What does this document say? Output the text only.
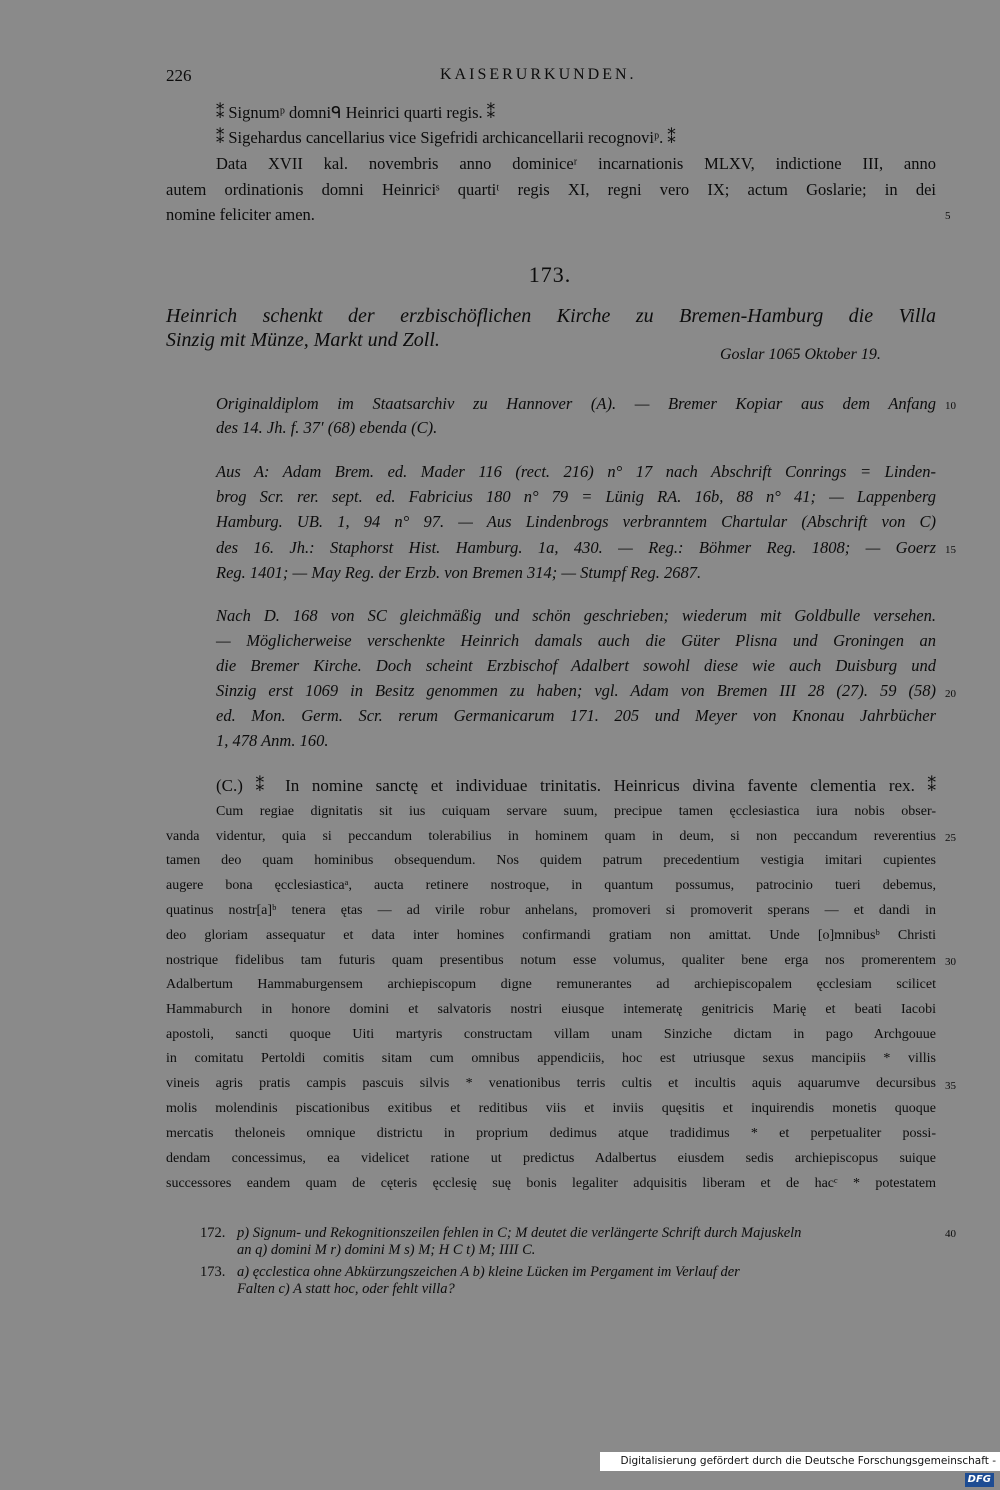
226	KAISERURKUNDEN.
⁑ Signumᵖ domniᑫ Heinrici quarti regis. ⁑
⁑ Sigehardus cancellarius vice Sigefridi archicancellarii recognoviᵖ. ⁑
Data XVII kal. novembris anno dominiceʳ incarnationis MLXV, indictione III, anno
autem ordinationis domni Heinriciˢ quartiᵗ regis XI, regni vero IX; actum Goslarie; in dei
nomine feliciter amen.	5
173.
Heinrich schenkt der erzbischöflichen Kirche zu Bremen-Hamburg die Villa
Sinzig mit Münze, Markt und Zoll.
Goslar 1065 Oktober 19.
Originaldiplom im Staatsarchiv zu Hannover (A). — Bremer Kopiar aus dem Anfang
des 14. Jh. f. 37′ (68) ebenda (C).
10
Aus A: Adam Brem. ed. Mader 116 (rect. 216) n° 17 nach Abschrift Conrings = Linden-
brog Scr. rer. sept. ed. Fabricius 180 n° 79 = Lünig RA. 16b, 88 n° 41; — Lappenberg
Hamburg. UB. 1, 94 n° 97. — Aus Lindenbrogs verbranntem Chartular (Abschrift von C)
des 16. Jh.: Staphorst Hist. Hamburg. 1a, 430. — Reg.: Böhmer Reg. 1808; — Goerz
Reg. 1401; — May Reg. der Erzb. von Bremen 314; — Stumpf Reg. 2687.
15
Nach D. 168 von SC gleichmäßig und schön geschrieben; wiederum mit Goldbulle versehen.
— Möglicherweise verschenkte Heinrich damals auch die Güter Plisna und Groningen an
die Bremer Kirche. Doch scheint Erzbischof Adalbert sowohl diese wie auch Duisburg und
Sinzig erst 1069 in Besitz genommen zu haben; vgl. Adam von Bremen III 28 (27). 59 (58)
ed. Mon. Germ. Scr. rerum Germanicarum 171. 205 und Meyer von Knonau Jahrbücher
1, 478 Anm. 160.
20
(C.) ⁑ In nomine sanctę et individuae trinitatis. Heinricus divina favente clementia rex. ⁑
Cum regiae dignitatis sit ius cuiquam servare suum, precipue tamen ęcclesiastica iura nobis obser-
vanda videntur, quia si peccandum tolerabilius in hominem quam in deum, si non peccandum reverentius
tamen deo quam hominibus obsequendum. Nos quidem patrum precedentium vestigia imitari cupientes
augere bona ęcclesiasticaᵃ, aucta retinere nostroque, in quantum possumus, patrocinio tueri debemus,
quatinus nostr[a]ᵇ tenera ętas — ad virile robur anhelans, promoveri si promoverit sperans — et dandi in
deo gloriam assequatur et data inter homines confirmandi gratiam non amittat. Unde [o]mnibusᵇ Christi
nostrique fidelibus tam futuris quam presentibus notum esse volumus, qualiter bene erga nos promerentem
Adalbertum Hammaburgensem archiepiscopum digne remunerantes ad archiepiscopalem ęcclesiam scilicet
Hammaburch in honore domini et salvatoris nostri eiusque intemeratę genitricis Marię et beati Iacobi
apostoli, sancti quoque Uiti martyris constructam villam unam Sinziche dictam in pago Archgouue
in comitatu Pertoldi comitis sitam cum omnibus appendiciis, hoc est utriusque sexus mancipiis * villis
vineis agris pratis campis pascuis silvis * venationibus terris cultis et incultis aquis aquarumve decursibus
molis molendinis piscationibus exitibus et reditibus viis et inviis quęsitis et inquirendis monetis quoque
mercatis theloneis omnique districtu in proprium dedimus atque tradidimus * et perpetualiter possi-
dendam concessimus, ea videlicet ratione ut predictus Adalbertus eiusdem sedis archiepiscopus suique
successores eandem quam de cęteris ęcclesię suę bonis legaliter adquisitis liberam et de hacᶜ * potestatem
25
30
35
172. p) Signum- und Rekognitionszeilen fehlen in C; M deutet die verlängerte Schrift durch Majuskeln
an q) domini M r) domini M s) M; H C t) M; IIII C.
40
173. a) ęcclestica ohne Abkürzungszeichen A b) kleine Lücken im Pergament im Verlauf der
Falten c) A statt hoc, oder fehlt villa?
Digitalisierung gefördert durch die Deutsche Forschungsgemeinschaft -DFG
